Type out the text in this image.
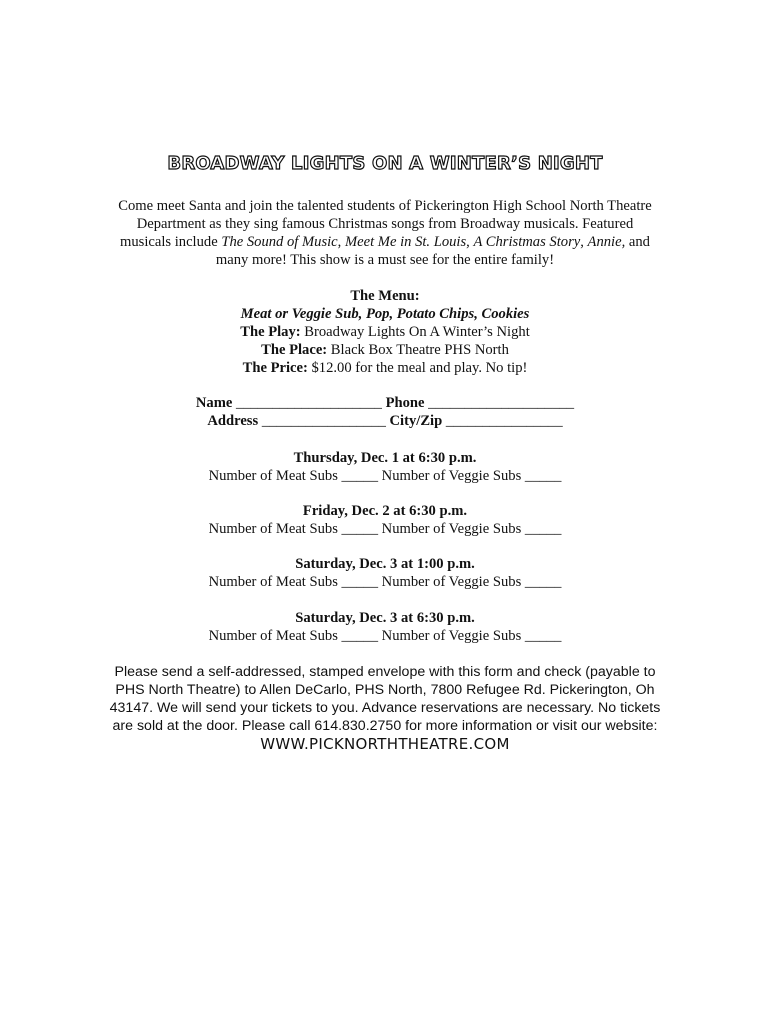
BROADWAY LIGHTS ON A WINTER’S NIGHT
Come meet Santa and join the talented students of Pickerington High School North Theatre Department as they sing famous Christmas songs from Broadway musicals. Featured musicals include The Sound of Music, Meet Me in St. Louis, A Christmas Story, Annie, and many more! This show is a must see for the entire family!
The Menu:
Meat or Veggie Sub, Pop, Potato Chips, Cookies
The Play: Broadway Lights On A Winter’s Night
The Place: Black Box Theatre PHS North
The Price: $12.00 for the meal and play. No tip!
Name ____________________ Phone ____________________
Address _________________ City/Zip ________________
Thursday, Dec. 1 at 6:30 p.m.
Number of Meat Subs _____ Number of Veggie Subs _____
Friday, Dec. 2 at 6:30 p.m.
Number of Meat Subs _____ Number of Veggie Subs _____
Saturday, Dec. 3 at 1:00 p.m.
Number of Meat Subs _____ Number of Veggie Subs _____
Saturday, Dec. 3 at 6:30 p.m.
Number of Meat Subs _____ Number of Veggie Subs _____
Please send a self-addressed, stamped envelope with this form and check (payable to PHS North Theatre) to Allen DeCarlo, PHS North, 7800 Refugee Rd. Pickerington, Oh 43147. We will send your tickets to you. Advance reservations are necessary. No tickets are sold at the door. Please call 614.830.2750 for more information or visit our website:
WWW.PICKNORTHTHEATRE.COM
